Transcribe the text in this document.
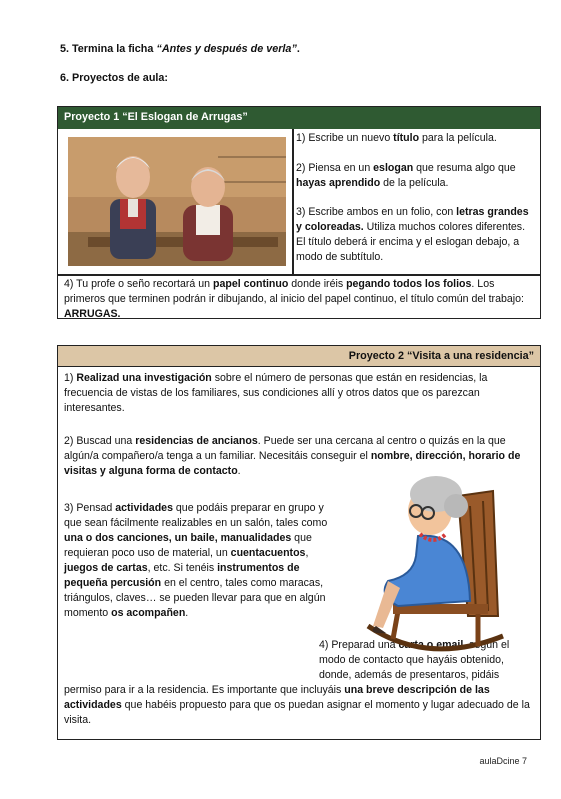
5. Termina la ficha “Antes y después de verla”.
6. Proyectos de aula:
Proyecto 1 “El Eslogan de Arrugas”
1) Escribe un nuevo título para la película.
2) Piensa en un eslogan que resuma algo que hayas aprendido de la película.
3) Escribe ambos en un folio, con letras grandes y coloreadas. Utiliza muchos colores diferentes. El título deberá ir encima y el eslogan debajo, a modo de subtítulo.
4) Tu profe o seño recortará un papel continuo donde iréis pegando todos los folios. Los primeros que terminen podrán ir dibujando, al inicio del papel continuo, el título común del trabajo: ARRUGAS.
Proyecto 2 “Visita a una residencia”
1) Realizad una investigación sobre el número de personas que están en residencias, la frecuencia de vistas de los familiares, sus condiciones allí y otros datos que os parezcan interesantes.
2) Buscad una residencias de ancianos. Puede ser una cercana al centro o quizás en la que algún/a compañero/a tenga a un familiar. Necesitáis conseguir el nombre, dirección, horario de visitas y alguna forma de contacto.
3) Pensad actividades que podáis preparar en grupo y que sean fácilmente realizables en un salón, tales como una o dos canciones, un baile, manualidades que requieran poco uso de material, un cuentacuentos, juegos de cartas, etc. Si tenéis instrumentos de pequeña percusión en el centro, tales como maracas, triángulos, claves… se pueden llevar para que en algún momento os acompañen.
4) Preparad una carta o email, según el modo de contacto que hayáis obtenido, donde, además de presentaros, pidáis permiso para ir a la residencia. Es importante que incluyáis una breve descripción de las actividades que habéis propuesto para que os puedan asignar el momento y lugar adecuado de la visita.
aulaDcine 7
